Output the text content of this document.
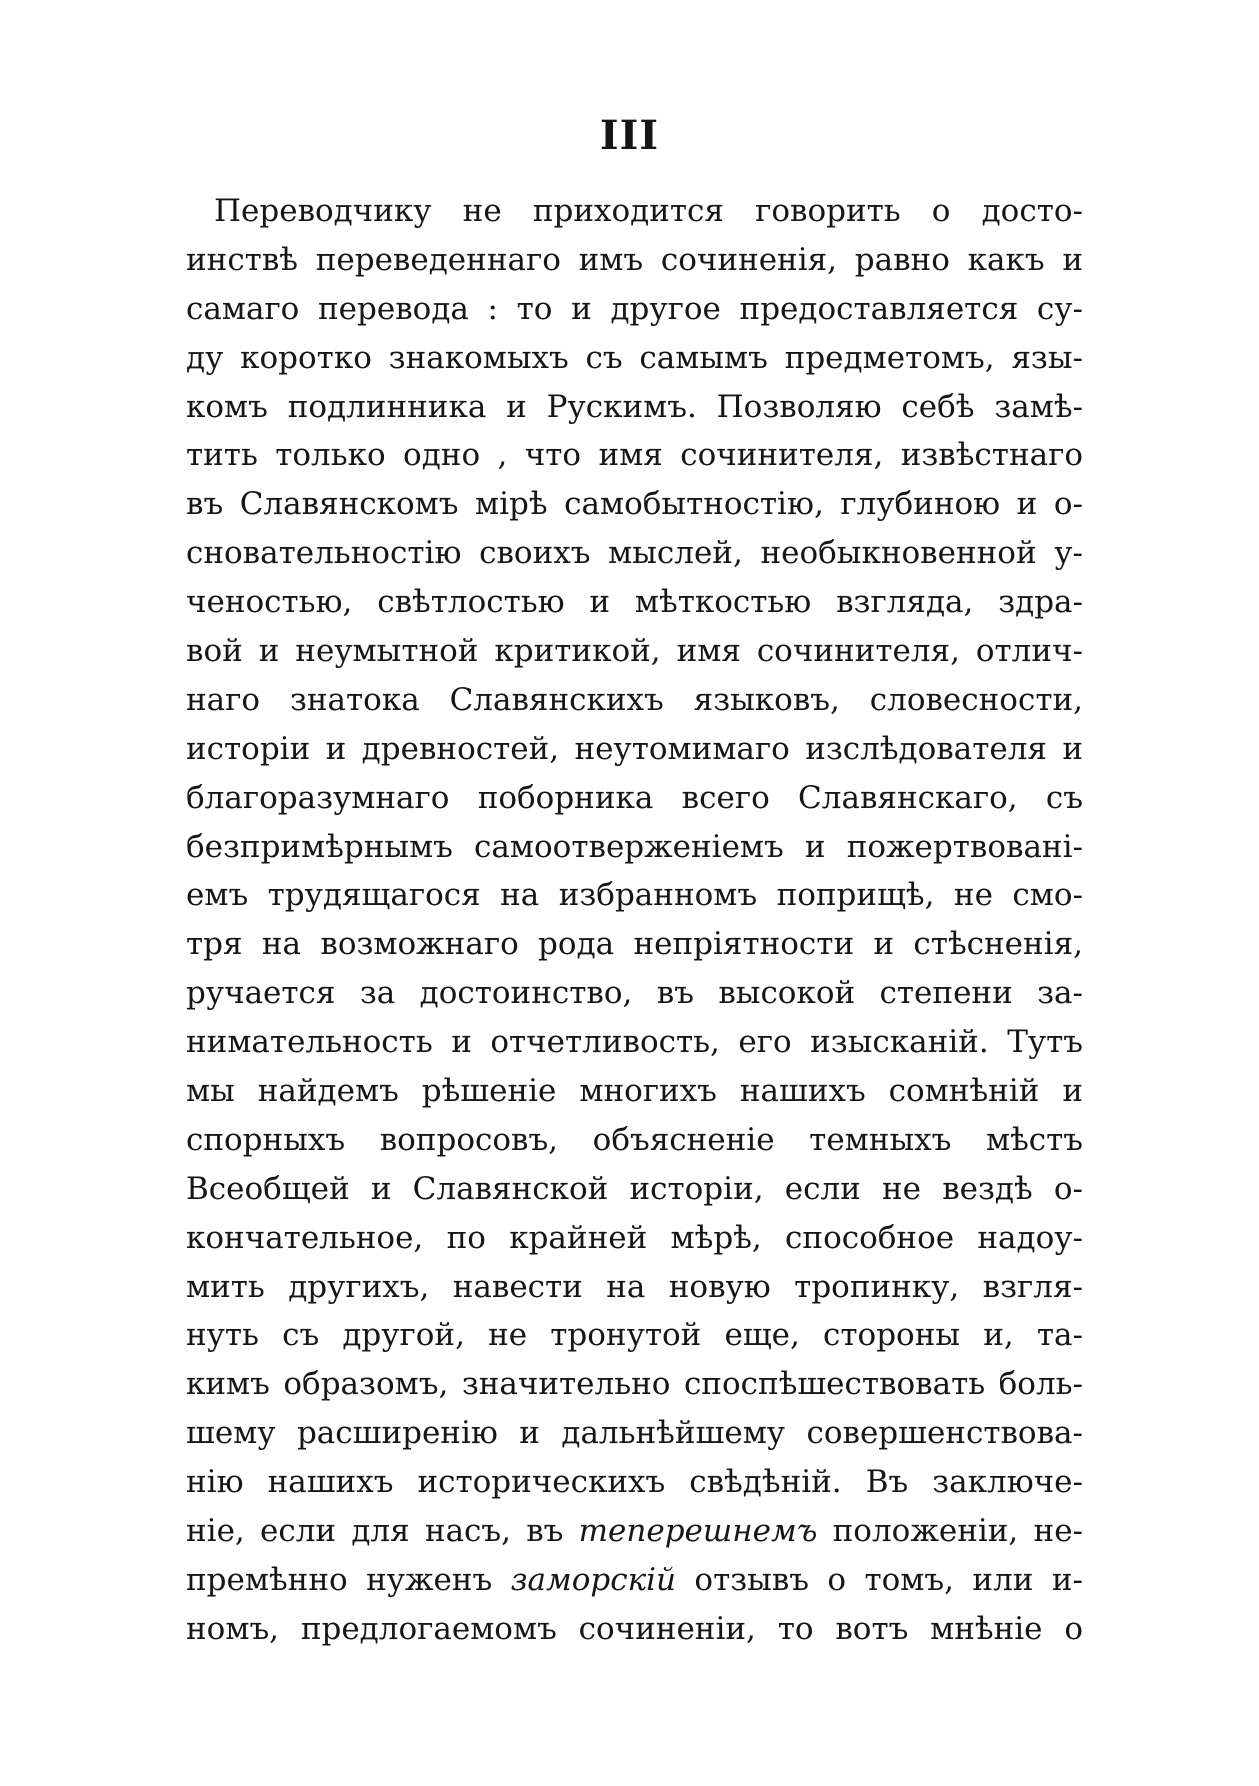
III
Переводчику не приходится говорить о досто-
инствѣ переведеннаго имъ сочиненія, равно какъ и
самаго перевода : то и другое предоставляется су-
ду коротко знакомыхъ съ самымъ предметомъ, язы-
комъ подлинника и Рускимъ. Позволяю себѣ замѣ-
тить только одно , что имя сочинителя, извѣстнаго
въ Славянскомъ мірѣ самобытностію, глубиною и о-
сновательностію своихъ мыслей, необыкновенной у-
ченостью, свѣтлостью и мѣткостью взгляда, здра-
вой и неумытной критикой, имя сочинителя, отлич-
наго знатока Славянскихъ языковъ, словесности,
исторіи и древностей, неутомимаго изслѣдователя и
благоразумнаго поборника всего Славянскаго, съ
безпримѣрнымъ самоотверженіемъ и пожертвованi-
емъ трудящагося на избранномъ поприщѣ, не смо-
тря на возможнаго рода непріятности и стѣсненія,
ручается за достоинство, въ высокой степени за-
нимательность и отчетливость, его изысканій. Тутъ
мы найдемъ рѣшеніе многихъ нашихъ сомнѣній и
спорныхъ вопросовъ, объясненіе темныхъ мѣстъ
Всеобщей и Славянской исторіи, если не вездѣ о-
кончательное, по крайней мѣрѣ, способное надоу-
мить другихъ, навести на новую тропинку, взгля-
нуть съ другой, не тронутой еще, стороны и, та-
кимъ образомъ, значительно споспѣшествовать боль-
шему расширенію и дальнѣйшему совершенствова-
нію нашихъ историческихъ свѣдѣній. Въ заключе-
ніе, если для насъ, въ теперешнемъ положеніи, не-
премѣнно нуженъ заморскій отзывъ о томъ, или и-
номъ, предлогаемомъ сочиненіи, то вотъ мнѣніе о
